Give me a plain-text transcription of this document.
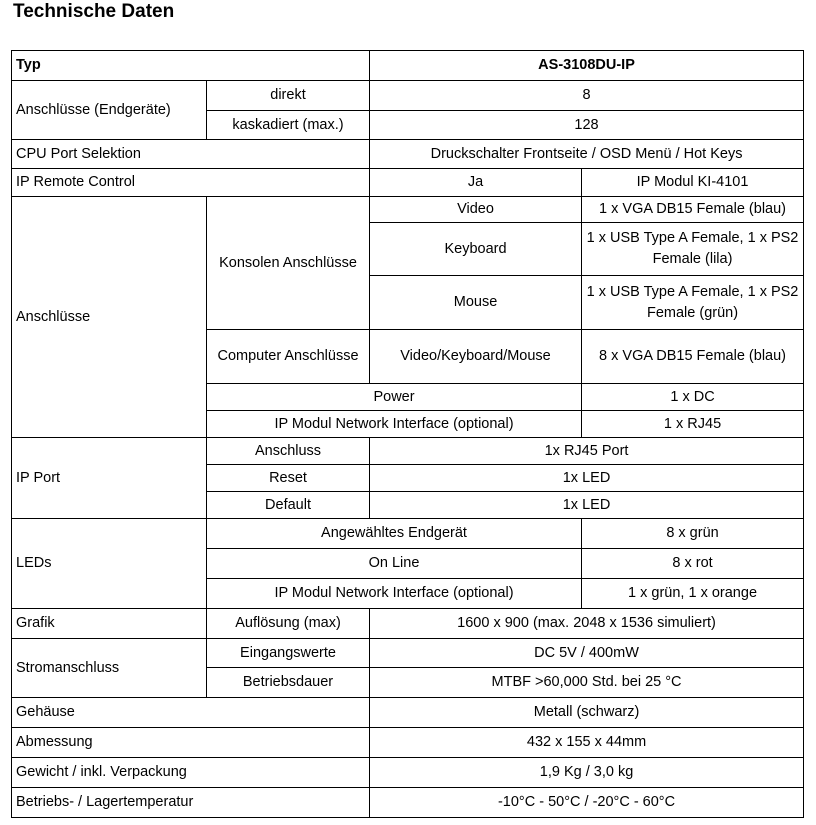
Technische Daten
Typ		AS-3108DU-IP	
Anschlüsse (Endgeräte)	direkt	8	
	kaskadiert (max.)	128	
CPU Port Selektion		Druckschalter Frontseite / OSD Menü / Hot Keys	
IP Remote Control		Ja	IP Modul KI-4101
Anschlüsse	Konsolen Anschlüsse	Video	1 x VGA DB15 Female (blau)
		Keyboard	1 x USB Type A Female, 1 x PS2 Female (lila)
		Mouse	1 x USB Type A Female, 1 x PS2 Female (grün)
	Computer Anschlüsse	Video/Keyboard/Mouse	8 x VGA DB15 Female (blau)
	Power		1 x DC
	IP Modul Network Interface (optional)		1 x RJ45
IP Port	Anschluss	1x RJ45 Port	
	Reset	1x LED	
	Default	1x LED	
LEDs	Angewähltes Endgerät		8 x grün
	On Line		8 x rot
	IP Modul Network Interface (optional)		1 x grün, 1 x orange
Grafik	Auflösung (max)	1600 x 900 (max. 2048 x 1536 simuliert)	
Stromanschluss	Eingangswerte	DC 5V / 400mW	
	Betriebsdauer	MTBF >60,000 Std. bei 25 °C	
Gehäuse		Metall (schwarz)	
Abmessung		432 x 155 x 44mm	
Gewicht / inkl. Verpackung		1,9 Kg / 3,0 kg	
Betriebs- / Lagertemperatur		-10°C - 50°C / -20°C - 60°C	
